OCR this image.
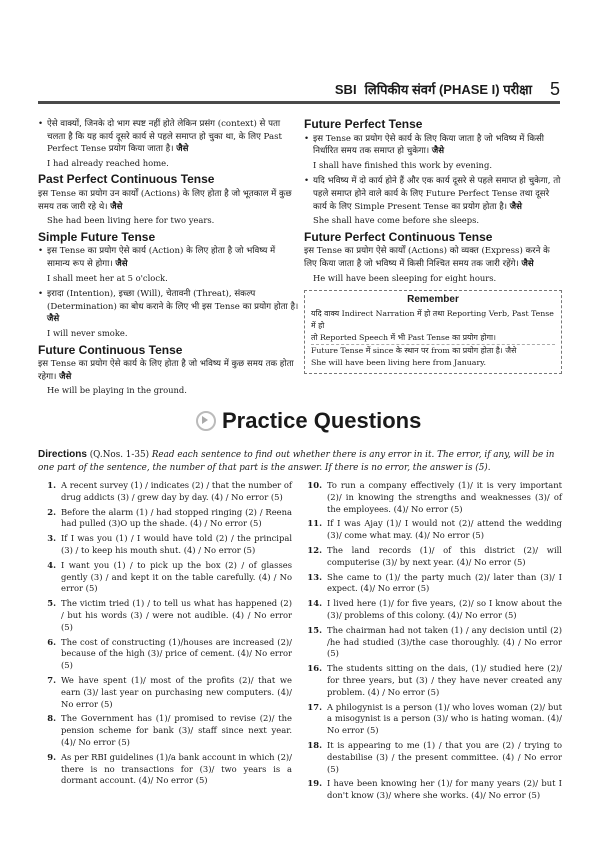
SBI लिपिकीय संवर्ग (PHASE I) परीक्षा 5

• ऐसे वाक्यों, जिनके दो भाग स्पष्ट नहीं होते लेकिन प्रसंग (context) से पता चलता है कि यह कार्य दूसरे कार्य से पहले समाप्त हो चुका था, के लिए Past Perfect Tense प्रयोग किया जाता है। जैसे

I had already reached home.

Past Perfect Continuous Tense

इस Tense का प्रयोग उन कार्यों (Actions) के लिए होता है जो भूतकाल में कुछ समय तक जारी रहे थे। जैसे

She had been living here for two years.

Simple Future Tense

• इस Tense का प्रयोग ऐसे कार्य (Action) के लिए होता है जो भविष्य में सामान्य रूप से होगा। जैसे

I shall meet her at 5 o'clock.

• इरादा (Intention), इच्छा (Will), चेतावनी (Threat), संकल्प (Determination) का बोध कराने के लिए भी इस Tense का प्रयोग होता है। जैसे

I will never smoke.

Future Continuous Tense

इस Tense का प्रयोग ऐसे कार्य के लिए होता है जो भविष्य में कुछ समय तक होता रहेगा। जैसे

He will be playing in the ground.

Future Perfect Tense

• इस Tense का प्रयोग ऐसे कार्य के लिए किया जाता है जो भविष्य में किसी निर्धारित समय तक समाप्त हो चुकेगा। जैसे

I shall have finished this work by evening.

• यदि भविष्य में दो कार्य होने हैं और एक कार्य दूसरे से पहले समाप्त हो चुकेगा, तो पहले समाप्त होने वाले कार्य के लिए Future Perfect Tense तथा दूसरे कार्य के लिए Simple Present Tense का प्रयोग होता है। जैसे

She shall have come before she sleeps.

Future Perfect Continuous Tense

इस Tense का प्रयोग ऐसे कार्यों (Actions) को व्यक्त (Express) करने के लिए किया जाता है जो भविष्य में किसी निश्चित समय तक जारी रहेंगे। जैसे

He will have been sleeping for eight hours.

Remember
यदि वाक्य Indirect Narration में हो तथा Reporting Verb, Past Tense में हो
तो Reported Speech में भी Past Tense का प्रयोग होगा।
Future Tense में since के स्थान पर from का प्रयोग होता है। जैसे
She will have been living here from January.
Practice Questions
Directions (Q.Nos. 1-35) Read each sentence to find out whether there is any error in it. The error, if any, will be in one part of the sentence, the number of that part is the answer. If there is no error, the answer is (5).
1. A recent survey (1) / indicates (2) / that the number of drug addicts (3) / grew day by day. (4) / No error (5)
2. Before the alarm (1) / had stopped ringing (2) / Reena had pulled (3)O up the shade. (4) / No error (5)
3. If I was you (1) / I would have told (2) / the principal (3) / to keep his mouth shut. (4) / No error (5)
4. I want you (1) / to pick up the box (2) / of glasses gently (3) / and kept it on the table carefully. (4) / No error (5)
5. The victim tried (1) / to tell us what has happened (2) / but his words (3) / were not audible. (4) / No error (5)
6. The cost of constructing (1)/houses are increased (2)/ because of the high (3)/ price of cement. (4)/ No error (5)
7. We have spent (1)/ most of the profits (2)/ that we earn (3)/ last year on purchasing new computers. (4)/ No error (5)
8. The Government has (1)/ promised to revise (2)/ the pension scheme for bank (3)/ staff since next year. (4)/ No error (5)
9. As per RBI guidelines (1)/a bank account in which (2)/ there is no transactions for (3)/ two years is a dormant account. (4)/ No error (5)
10. To run a company effectively (1)/ it is very important (2)/ in knowing the strengths and weaknesses (3)/ of the employees. (4)/ No error (5)
11. If I was Ajay (1)/ I would not (2)/ attend the wedding (3)/ come what may. (4)/ No error (5)
12. The land records (1)/ of this district (2)/ will computerise (3)/ by next year. (4)/ No error (5)
13. She came to (1)/ the party much (2)/ later than (3)/ I expect. (4)/ No error (5)
14. I lived here (1)/ for five years, (2)/ so I know about the (3)/ problems of this colony. (4)/ No error (5)
15. The chairman had not taken (1) / any decision until (2) /he had studied (3)/the case thoroughly. (4) / No error (5)
16. The students sitting on the dais, (1)/ studied here (2)/ for three years, but (3) / they have never created any problem. (4) / No error (5)
17. A philogynist is a person (1)/ who loves woman (2)/ but a misogynist is a person (3)/ who is hating woman. (4)/ No error (5)
18. It is appearing to me (1) / that you are (2) / trying to destabilise (3) / the present committee. (4) / No error (5)
19. I have been knowing her (1)/ for many years (2)/ but I don't know (3)/ where she works. (4)/ No error (5)
